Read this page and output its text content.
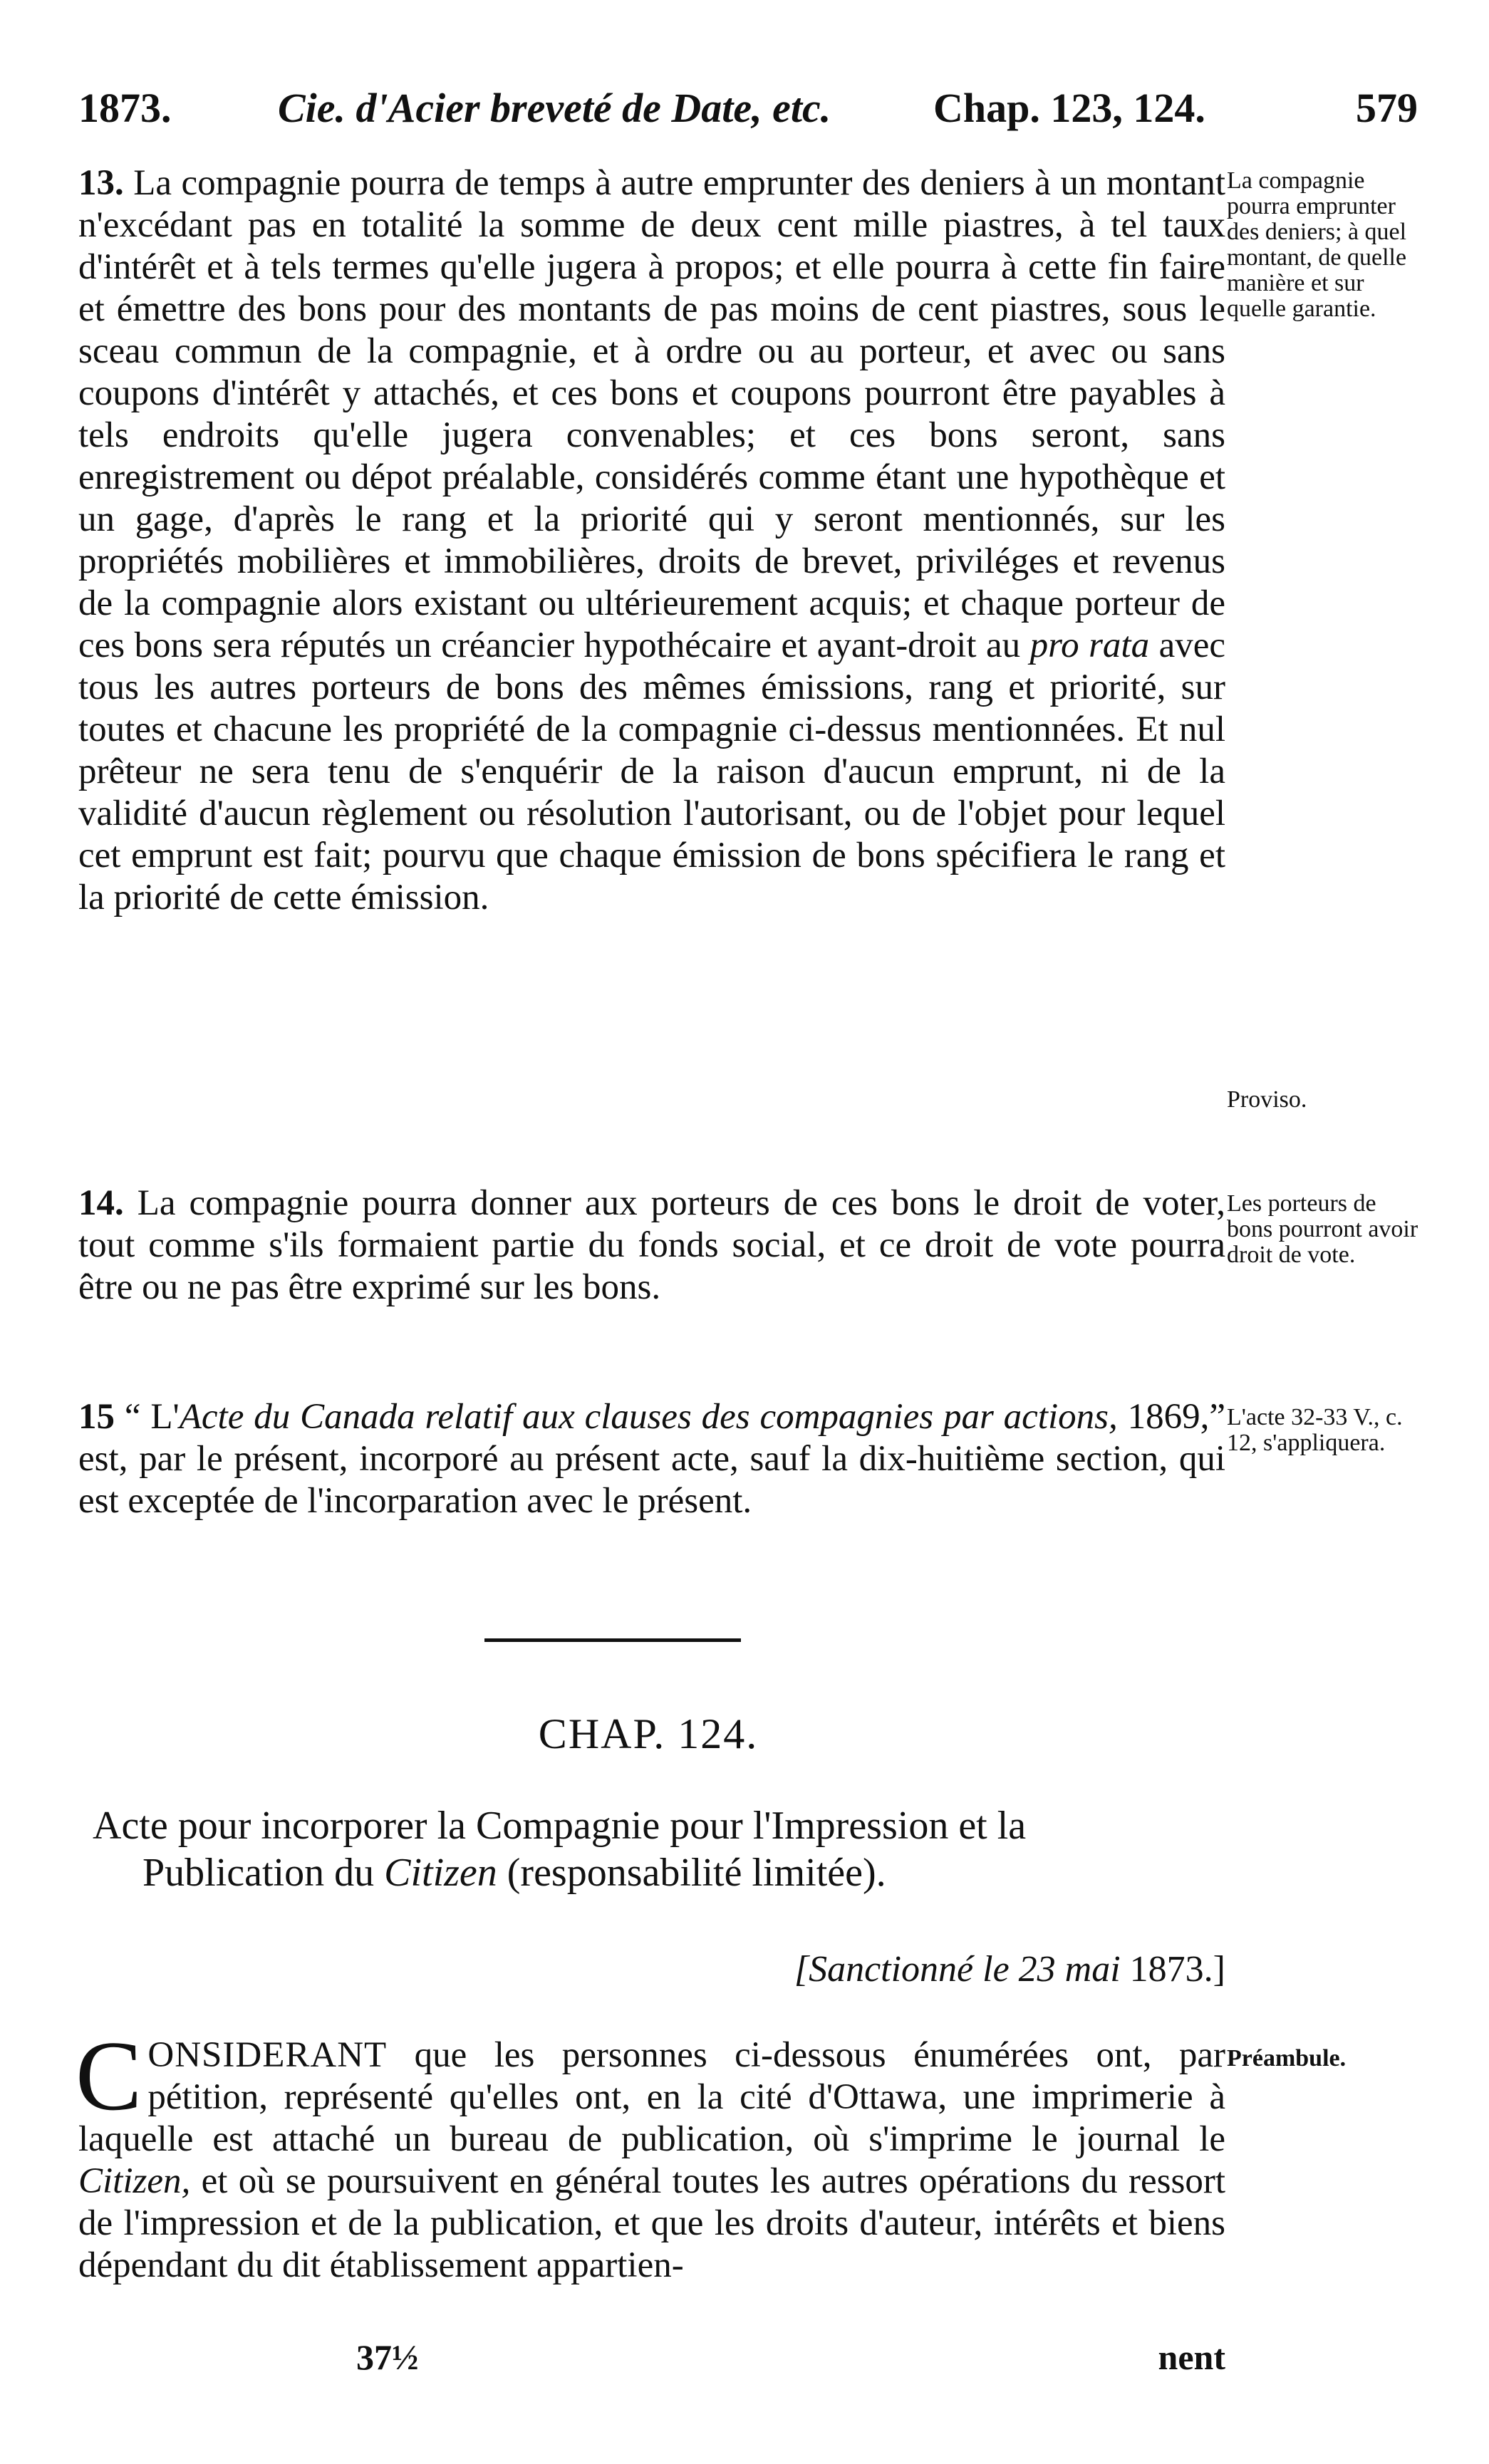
1873.	Cie. d'Acier breveté de Date, etc. Chap. 123, 124.	579
13. La compagnie pourra de temps à autre emprunter des deniers à un montant n'excédant pas en totalité la somme de deux cent mille piastres, à tel taux d'intérêt et à tels termes qu'elle jugera à propos; et elle pourra à cette fin faire et émettre des bons pour des montants de pas moins de cent piastres, sous le sceau commun de la compagnie, et à ordre ou au porteur, et avec ou sans coupons d'intérêt y attachés, et ces bons et coupons pourront être payables à tels endroits qu'elle jugera convenables; et ces bons seront, sans enregistrement ou dépot préalable, considérés comme étant une hypothèque et un gage, d'après le rang et la priorité qui y seront mentionnés, sur les propriétés mobilières et immobilières, droits de brevet, priviléges et revenus de la compagnie alors existant ou ultérieurement acquis; et chaque porteur de ces bons sera réputés un créancier hypothécaire et ayant-droit au pro rata avec tous les autres porteurs de bons des mêmes émissions, rang et priorité, sur toutes et chacune les propriété de la compagnie ci-dessus mentionnées. Et nul prêteur ne sera tenu de s'enquérir de la raison d'aucun emprunt, ni de la validité d'aucun règlement ou résolution l'autorisant, ou de l'objet pour lequel cet emprunt est fait; pourvu que chaque émission de bons spécifiera le rang et la priorité de cette émission.
La compagnie pourra emprunter des deniers; à quel montant, de quelle manière et sur quelle garantie.
Proviso.
14. La compagnie pourra donner aux porteurs de ces bons le droit de voter, tout comme s'ils formaient partie du fonds social, et ce droit de vote pourra être ou ne pas être exprimé sur les bons.
Les porteurs de bons pourront avoir droit de vote.
15 “ L'Acte du Canada relatif aux clauses des compagnies par actions, 1869,” est, par le présent, incorporé au présent acte, sauf la dix-huitième section, qui est exceptée de l'incorparation avec le présent.
L'acte 32-33 V., c. 12, s'appliquera.
CHAP. 124.
Acte pour incorporer la Compagnie pour l'Impression et la
Publication du Citizen (responsabilité limitée).
[Sanctionné le 23 mai 1873.]
C ONSIDERANT que les personnes ci-dessous énumérées ont, par pétition, représenté qu'elles ont, en la cité d'Ottawa, une imprimerie à laquelle est attaché un bureau de publication, où s'imprime le journal le Citizen, et où se poursuivent en général toutes les autres opérations du ressort de l'impression et de la publication, et que les droits d'auteur, intérêts et biens dépendant du dit établissement appartien-
Préambule.
37½	nent
